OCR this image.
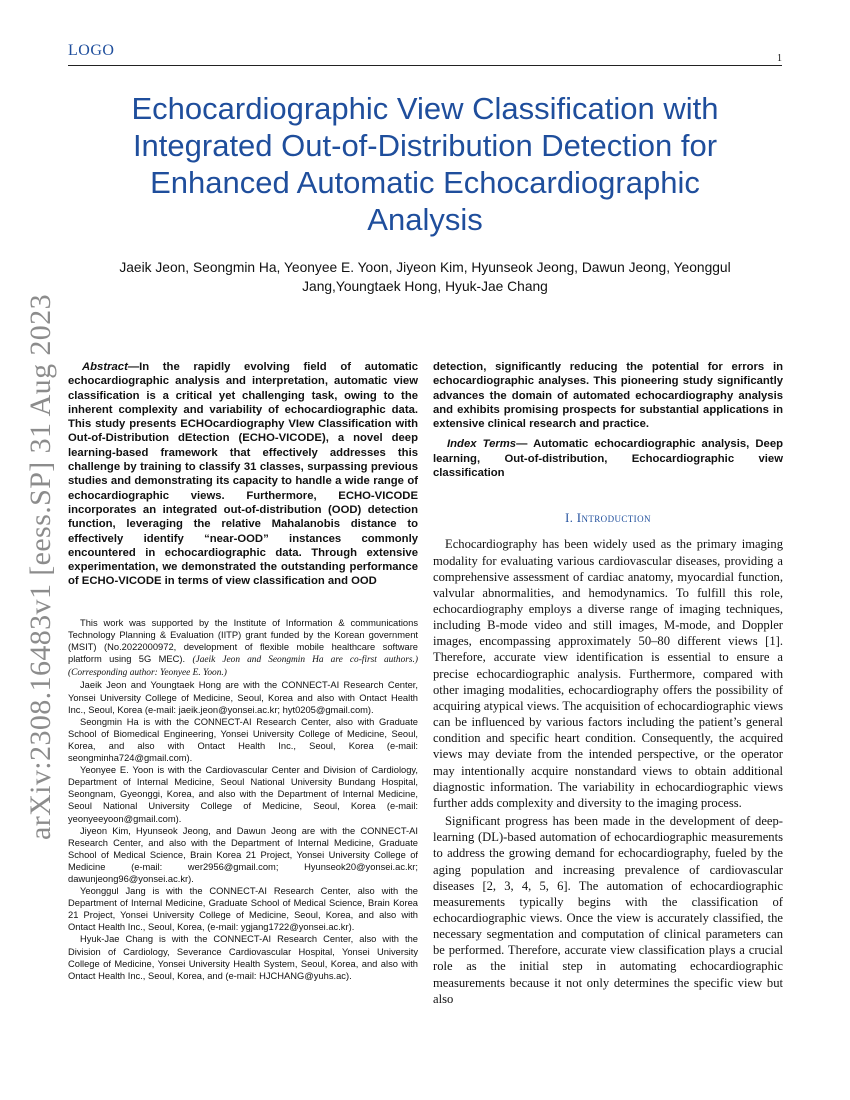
LOGO	1
Echocardiographic View Classification with Integrated Out-of-Distribution Detection for Enhanced Automatic Echocardiographic Analysis
Jaeik Jeon, Seongmin Ha, Yeonyee E. Yoon, Jiyeon Kim, Hyunseok Jeong, Dawun Jeong, Yeonggul Jang,Youngtaek Hong, Hyuk-Jae Chang
arXiv:2308.16483v1 [eess.SP] 31 Aug 2023	Abstract—In the rapidly evolving field of automatic echocardiographic analysis and interpretation, automatic view classification is a critical yet challenging task, owing to the inherent complexity and variability of echocardiographic data. This study presents ECHOcardiography VIew Classification with Out-of-Distribution dEtection (ECHO-VICODE), a novel deep learning-based framework that effectively addresses this challenge by training to classify 31 classes, surpassing previous studies and demonstrating its capacity to handle a wide range of echocardiographic views. Furthermore, ECHO-VICODE incorporates an integrated out-of-distribution (OOD) detection function, leveraging the relative Mahalanobis distance to effectively identify “near-OOD” instances commonly encountered in echocardiographic data. Through extensive experimentation, we demonstrated the outstanding performance of ECHO-VICODE in terms of view classification and OOD

This work was supported by the Institute of Information & communications Technology Planning & Evaluation (IITP) grant funded by the Korean government (MSIT) (No.2022000972, development of flexible mobile healthcare software platform using 5G MEC). (Jaeik Jeon and Seongmin Ha are co-first authors.) (Corresponding author: Yeonyee E. Yoon.)

Jaeik Jeon and Youngtaek Hong are with the CONNECT-AI Research Center, Yonsei University College of Medicine, Seoul, Korea and also with Ontact Health Inc., Seoul, Korea (e-mail: jaeik.jeon@yonsei.ac.kr; hyt0205@gmail.com).

Seongmin Ha is with the CONNECT-AI Research Center, also with Graduate School of Biomedical Engineering, Yonsei University College of Medicine, Seoul, Korea, and also with Ontact Health Inc., Seoul, Korea (e-mail: seongminha724@gmail.com).

Yeonyee E. Yoon is with the Cardiovascular Center and Division of Cardiology, Department of Internal Medicine, Seoul National University Bundang Hospital, Seongnam, Gyeonggi, Korea, and also with the Department of Internal Medicine, Seoul National University College of Medicine, Seoul, Korea (e-mail: yeonyeeyoon@gmail.com).

Jiyeon Kim, Hyunseok Jeong, and Dawun Jeong are with the CONNECT-AI Research Center, and also with the Department of Internal Medicine, Graduate School of Medical Science, Brain Korea 21 Project, Yonsei University College of Medicine (e-mail: wer2956@gmail.com; Hyunseok20@yonsei.ac.kr; dawunjeong96@yonsei.ac.kr).

Yeonggul Jang is with the CONNECT-AI Research Center, also with the Department of Internal Medicine, Graduate School of Medical Science, Brain Korea 21 Project, Yonsei University College of Medicine, Seoul, Korea, and also with Ontact Health Inc., Seoul, Korea, (e-mail: ygjang1722@yonsei.ac.kr).

Hyuk-Jae Chang is with the CONNECT-AI Research Center, also with the Division of Cardiology, Severance Cardiovascular Hospital, Yonsei University College of Medicine, Yonsei University Health System, Seoul, Korea, and also with Ontact Health Inc., Seoul, Korea, and (e-mail: HJCHANG@yuhs.ac).

detection, significantly reducing the potential for errors in echocardiographic analyses. This pioneering study significantly advances the domain of automated echocardiography analysis and exhibits promising prospects for substantial applications in extensive clinical research and practice.

Index Terms— Automatic echocardiographic analysis, Deep learning, Out-of-distribution, Echocardiographic view classification

I. Introduction

Echocardiography has been widely used as the primary imaging modality for evaluating various cardiovascular diseases, providing a comprehensive assessment of cardiac anatomy, myocardial function, valvular abnormalities, and hemodynamics. To fulfill this role, echocardiography employs a diverse range of imaging techniques, including B-mode video and still images, M-mode, and Doppler images, encompassing approximately 50–80 different views [1]. Therefore, accurate view identification is essential to ensure a precise echocardiographic analysis. Furthermore, compared with other imaging modalities, echocardiography offers the possibility of acquiring atypical views. The acquisition of echocardiographic views can be influenced by various factors including the patient’s general condition and specific heart condition. Consequently, the acquired views may deviate from the intended perspective, or the operator may intentionally acquire nonstandard views to obtain additional diagnostic information. The variability in echocardiographic views further adds complexity and diversity to the imaging process.

Significant progress has been made in the development of deep-learning (DL)-based automation of echocardiographic measurements to address the growing demand for echocardiography, fueled by the aging population and increasing prevalence of cardiovascular diseases [2, 3, 4, 5, 6]. The automation of echocardiographic measurements typically begins with the classification of echocardiographic views. Once the view is accurately classified, the necessary segmentation and computation of clinical parameters can be performed. Therefore, accurate view classification plays a crucial role as the initial step in automating echocardiographic measurements because it not only determines the specific view but also
